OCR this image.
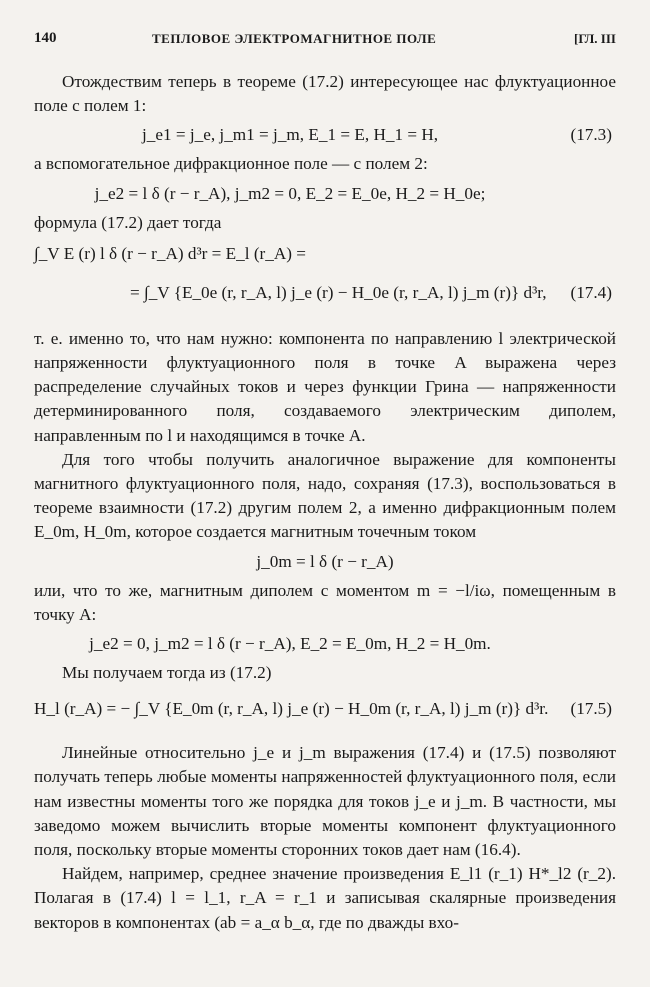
140	ТЕПЛОВОЕ ЭЛЕКТРОМАГНИТНОЕ ПОЛЕ	[ГЛ. III

Отождествим теперь в теореме (17.2) интересующее нас флуктуационное поле с полем 1:

j_e1 = j_e, j_m1 = j_m, E_1 = E, H_1 = H,	(17.3)

а вспомогательное дифракционное поле — с полем 2:

j_e2 = l δ (r − r_A), j_m2 = 0, E_2 = E_0e, H_2 = H_0e;

формула (17.2) дает тогда

∫_V E (r) l δ (r − r_A) d³r = E_l (r_A) =
= ∫_V {E_0e (r, r_A, l) j_e (r) − H_0e (r, r_A, l) j_m (r)} d³r, (17.4)

т. е. именно то, что нам нужно: компонента по направлению l электрической напряженности флуктуационного поля в точке A выражена через распределение случайных токов и через функции Грина — напряженности детерминированного поля, создаваемого электрическим диполем, направленным по l и находящимся в точке A.

Для того чтобы получить аналогичное выражение для компоненты магнитного флуктуационного поля, надо, сохраняя (17.3), воспользоваться в теореме взаимности (17.2) другим полем 2, а именно дифракционным полем E_0m, H_0m, которое создается магнитным точечным током

j_0m = l δ (r − r_A)

или, что то же, магнитным диполем с моментом m = −l/iω, помещенным в точку A:

j_e2 = 0, j_m2 = l δ (r − r_A), E_2 = E_0m, H_2 = H_0m.

Мы получаем тогда из (17.2)

H_l (r_A) = − ∫_V {E_0m (r, r_A, l) j_e (r) − H_0m (r, r_A, l) j_m (r)} d³r. (17.5)

Линейные относительно j_e и j_m выражения (17.4) и (17.5) позволяют получать теперь любые моменты напряженностей флуктуационного поля, если нам известны моменты того же порядка для токов j_e и j_m. В частности, мы заведомо можем вычислить вторые моменты компонент флуктуационного поля, поскольку вторые моменты сторонних токов дает нам (16.4).

Найдем, например, среднее значение произведения E_l1 (r_1) H*_l2 (r_2). Полагая в (17.4) l = l_1, r_A = r_1 и записывая скалярные произведения векторов в компонентах (ab = a_α b_α, где по дважды вхо-
